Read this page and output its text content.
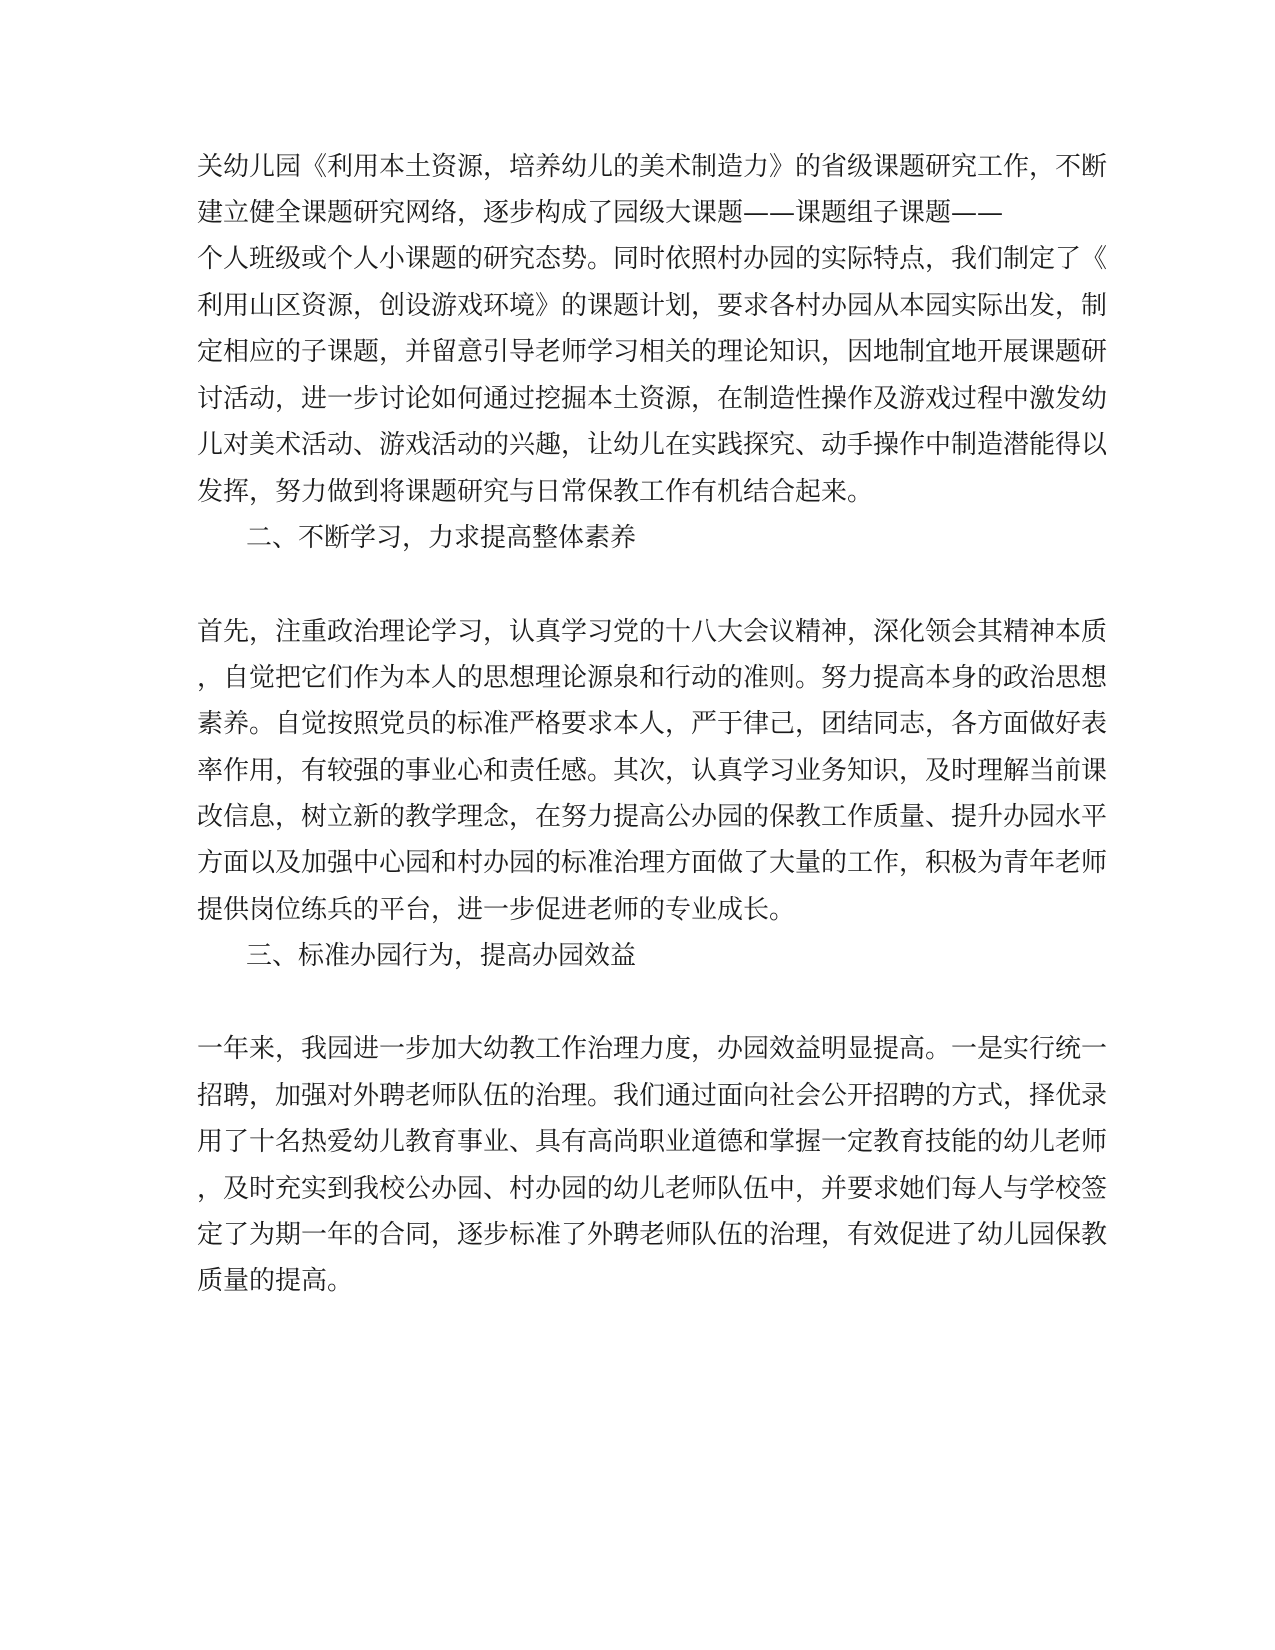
关幼儿园《利用本土资源，培养幼儿的美术制造力》的省级课题研究工作，不断
建立健全课题研究网络，逐步构成了园级大课题——课题组子课题——
个人班级或个人小课题的研究态势。同时依照村办园的实际特点，我们制定了《
利用山区资源，创设游戏环境》的课题计划，要求各村办园从本园实际出发，制
定相应的子课题，并留意引导老师学习相关的理论知识，因地制宜地开展课题研
讨活动，进一步讨论如何通过挖掘本土资源，在制造性操作及游戏过程中激发幼
儿对美术活动、游戏活动的兴趣，让幼儿在实践探究、动手操作中制造潜能得以
发挥，努力做到将课题研究与日常保教工作有机结合起来。
二、不断学习，力求提高整体素养
首先，注重政治理论学习，认真学习党的十八大会议精神，深化领会其精神本质
，自觉把它们作为本人的思想理论源泉和行动的准则。努力提高本身的政治思想
素养。自觉按照党员的标准严格要求本人，严于律己，团结同志，各方面做好表
率作用，有较强的事业心和责任感。其次，认真学习业务知识，及时理解当前课
改信息，树立新的教学理念，在努力提高公办园的保教工作质量、提升办园水平
方面以及加强中心园和村办园的标准治理方面做了大量的工作，积极为青年老师
提供岗位练兵的平台，进一步促进老师的专业成长。
三、标准办园行为，提高办园效益
一年来，我园进一步加大幼教工作治理力度，办园效益明显提高。一是实行统一
招聘，加强对外聘老师队伍的治理。我们通过面向社会公开招聘的方式，择优录
用了十名热爱幼儿教育事业、具有高尚职业道德和掌握一定教育技能的幼儿老师
，及时充实到我校公办园、村办园的幼儿老师队伍中，并要求她们每人与学校签
定了为期一年的合同，逐步标准了外聘老师队伍的治理，有效促进了幼儿园保教
质量的提高。
